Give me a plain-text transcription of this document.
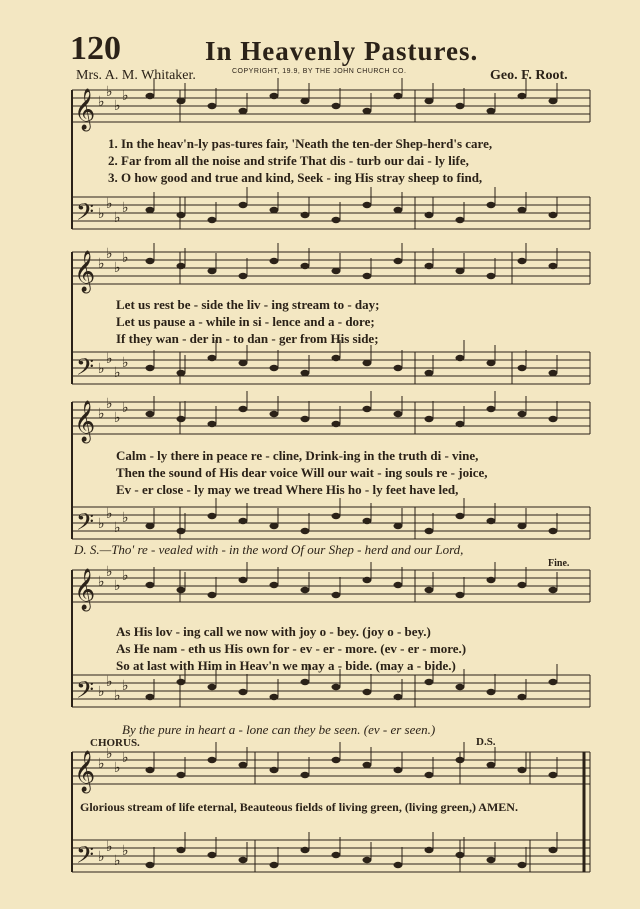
120	In Heavenly Pastures.
Mrs. A. M. Whitaker.	COPYRIGHT, 19.9, BY THE JOHN CHURCH CO.	Geo. F. Root.
𝄞
𝄢
𝄞
𝄢
𝄞
𝄢
𝄞
𝄢
𝄞
𝄢
♭
♭
♭
♭
♭
♭
♭
♭
♭
♭
♭
♭
♭
♭
♭
♭
♭
♭
♭
♭
♭
♭
♭
♭
♭
♭
♭
♭
♭
♭
♭
♭
♭
♭
♭
♭
♭
♭
♭
♭
1. In the heav'n-ly pas-tures fair, 'Neath the ten-der Shep-herd's care,
2. Far from all the noise and strife That dis - turb our dai - ly life,
3. O how good and true and kind, Seek - ing His stray sheep to find,
Let us rest be - side the liv - ing stream to - day;
Let us pause a - while in si - lence and a - dore;
If they wan - der in - to dan - ger from His side;
Calm - ly there in peace re - cline, Drink-ing in the truth di - vine,
Then the sound of His dear voice Will our wait - ing souls re - joice,
Ev - er close - ly may we tread Where His ho - ly feet have led,
D. S.—Tho' re - vealed with - in the word Of our Shep - herd and our Lord,
Fine.
As His lov - ing call we now with joy o - bey. (joy o - bey.)
As He nam - eth us His own for - ev - er - more. (ev - er - more.)
So at last with Him in Heav'n we may a - bide. (may a - bide.)
By the pure in heart a - lone can they be seen. (ev - er seen.)
CHORUS.	D.S.
Glorious stream of life eternal, Beauteous fields of living green, (living green,) AMEN.
